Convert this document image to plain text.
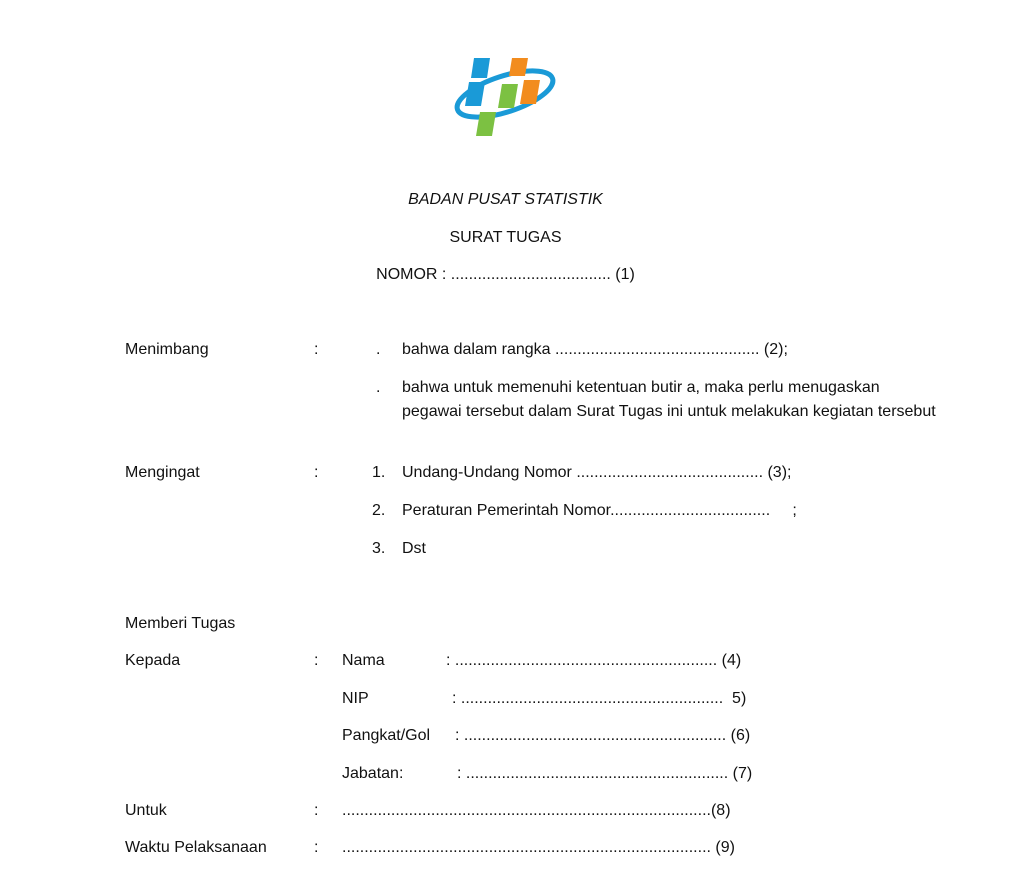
BADAN PUSAT STATISTIK
SURAT TUGAS
NOMOR : .................................... (1)
Menimbang	:	. bahwa dalam rangka .............................................. (2);
. bahwa untuk memenuhi ketentuan butir a, maka perlu menugaskan pegawai tersebut dalam Surat Tugas ini untuk melakukan kegiatan tersebut
Mengingat	:	1. Undang-Undang Nomor .......................................... (3);
2. Peraturan Pemerintah Nomor....................................     ;
3. Dst
Memberi Tugas
Kepada	: Nama	: ........................................................... (4)
NIP	: ...........................................................  5)
Pangkat/Gol : ........................................................... (6)
Jabatan:	: ........................................................... (7)
Untuk	: ...................................................................................(8)
Waktu Pelaksanaan	: ................................................................................... (9)
